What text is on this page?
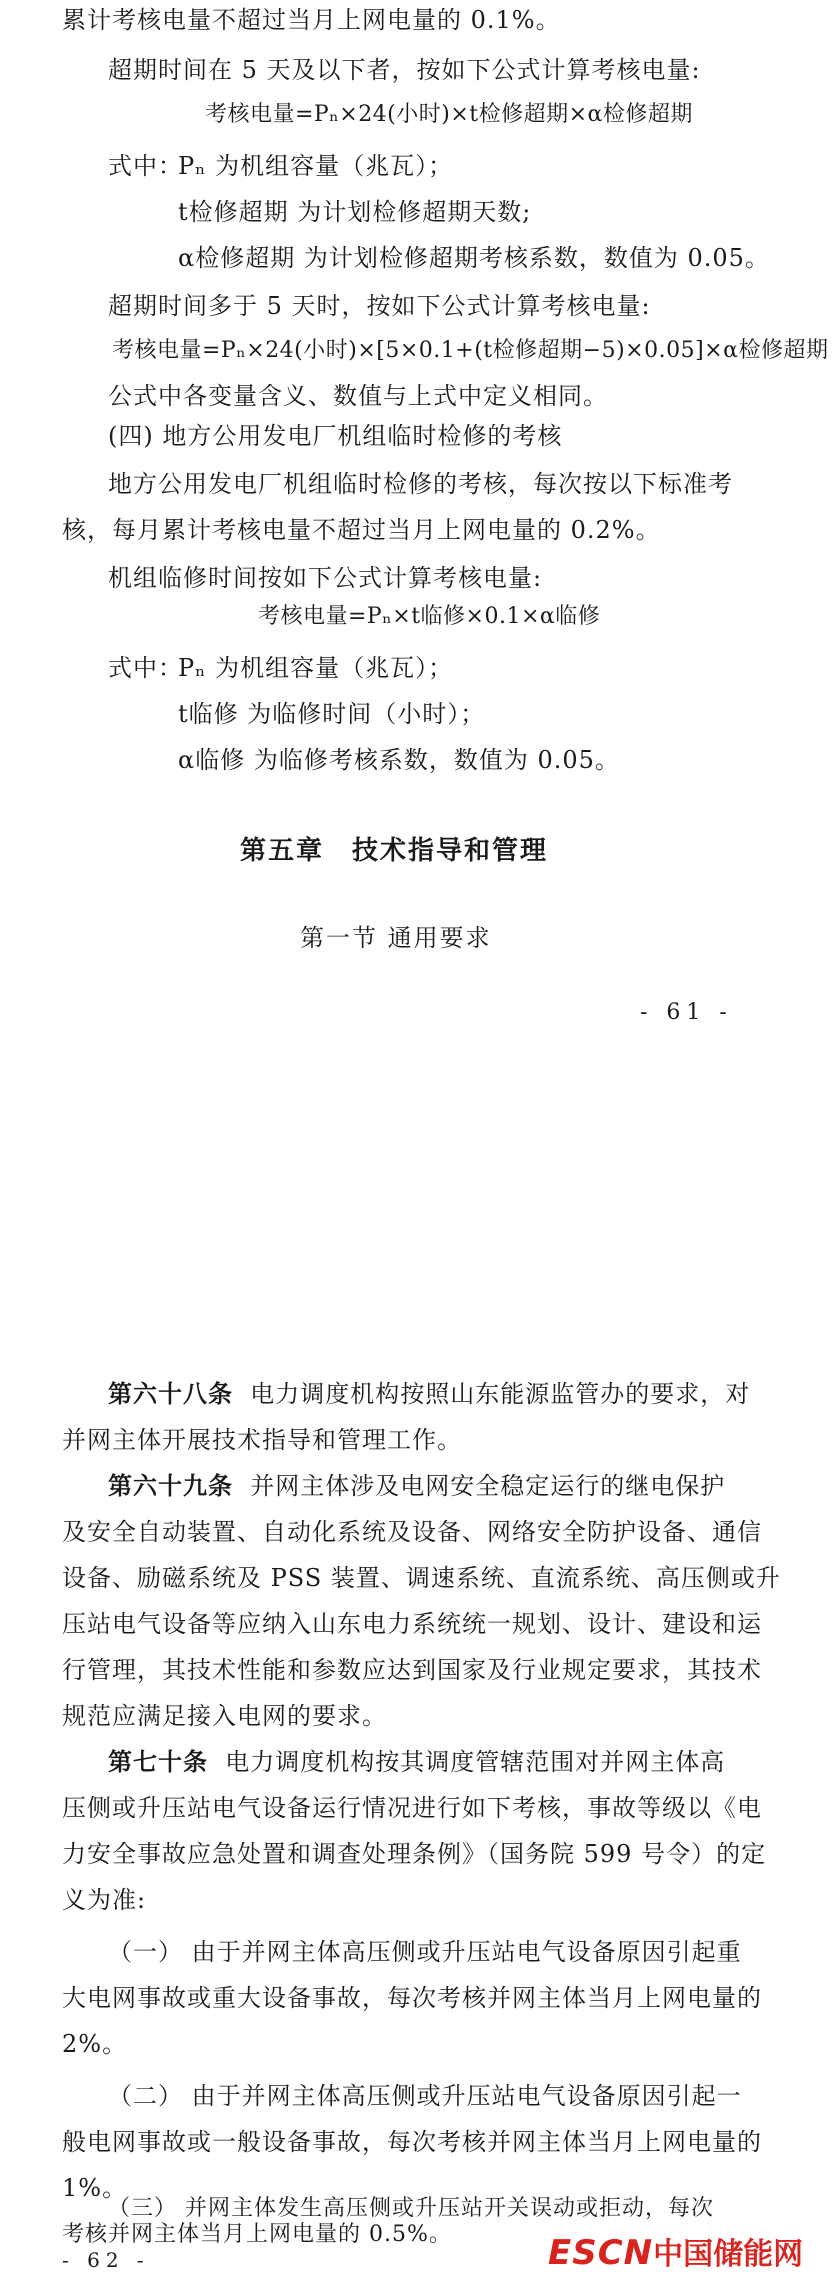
累计考核电量不超过当月上网电量的 0.1%。
超期时间在 5 天及以下者，按如下公式计算考核电量:
考核电量=Pₙ×24(小时)×t检修超期×α检修超期
式中：
Pₙ 为机组容量（兆瓦）；
t检修超期 为计划检修超期天数;
α检修超期 为计划检修超期考核系数，数值为 0.05。
超期时间多于 5 天时，按如下公式计算考核电量:
考核电量=Pₙ×24(小时)×[5×0.1+(t检修超期−5)×0.05]×α检修超期
公式中各变量含义、数值与上式中定义相同。
(四) 地方公用发电厂机组临时检修的考核
地方公用发电厂机组临时检修的考核，每次按以下标准考
核，每月累计考核电量不超过当月上网电量的 0.2%。
机组临修时间按如下公式计算考核电量:
考核电量=Pₙ×t临修×0.1×α临修
式中：
Pₙ 为机组容量（兆瓦）；
t临修 为临修时间（小时）；
α临修 为临修考核系数，数值为 0.05。
第五章　技术指导和管理
第一节 通用要求
- 61 -
第六十八条 电力调度机构按照山东能源监管办的要求，对
并网主体开展技术指导和管理工作。
第六十九条 并网主体涉及电网安全稳定运行的继电保护
及安全自动装置、自动化系统及设备、网络安全防护设备、通信
设备、励磁系统及 PSS 装置、调速系统、直流系统、高压侧或升
压站电气设备等应纳入山东电力系统统一规划、设计、建设和运
行管理，其技术性能和参数应达到国家及行业规定要求，其技术
规范应满足接入电网的要求。
第七十条 电力调度机构按其调度管辖范围对并网主体高
压侧或升压站电气设备运行情况进行如下考核，事故等级以《电
力安全事故应急处置和调查处理条例》（国务院 599 号令）的定
义为准:
（一） 由于并网主体高压侧或升压站电气设备原因引起重
大电网事故或重大设备事故，每次考核并网主体当月上网电量的
2%。
（二） 由于并网主体高压侧或升压站电气设备原因引起一
般电网事故或一般设备事故，每次考核并网主体当月上网电量的
1%。
（三） 并网主体发生高压侧或升压站开关误动或拒动，每次
考核并网主体当月上网电量的 0.5%。
- 62 -	ESCN中国储能网
